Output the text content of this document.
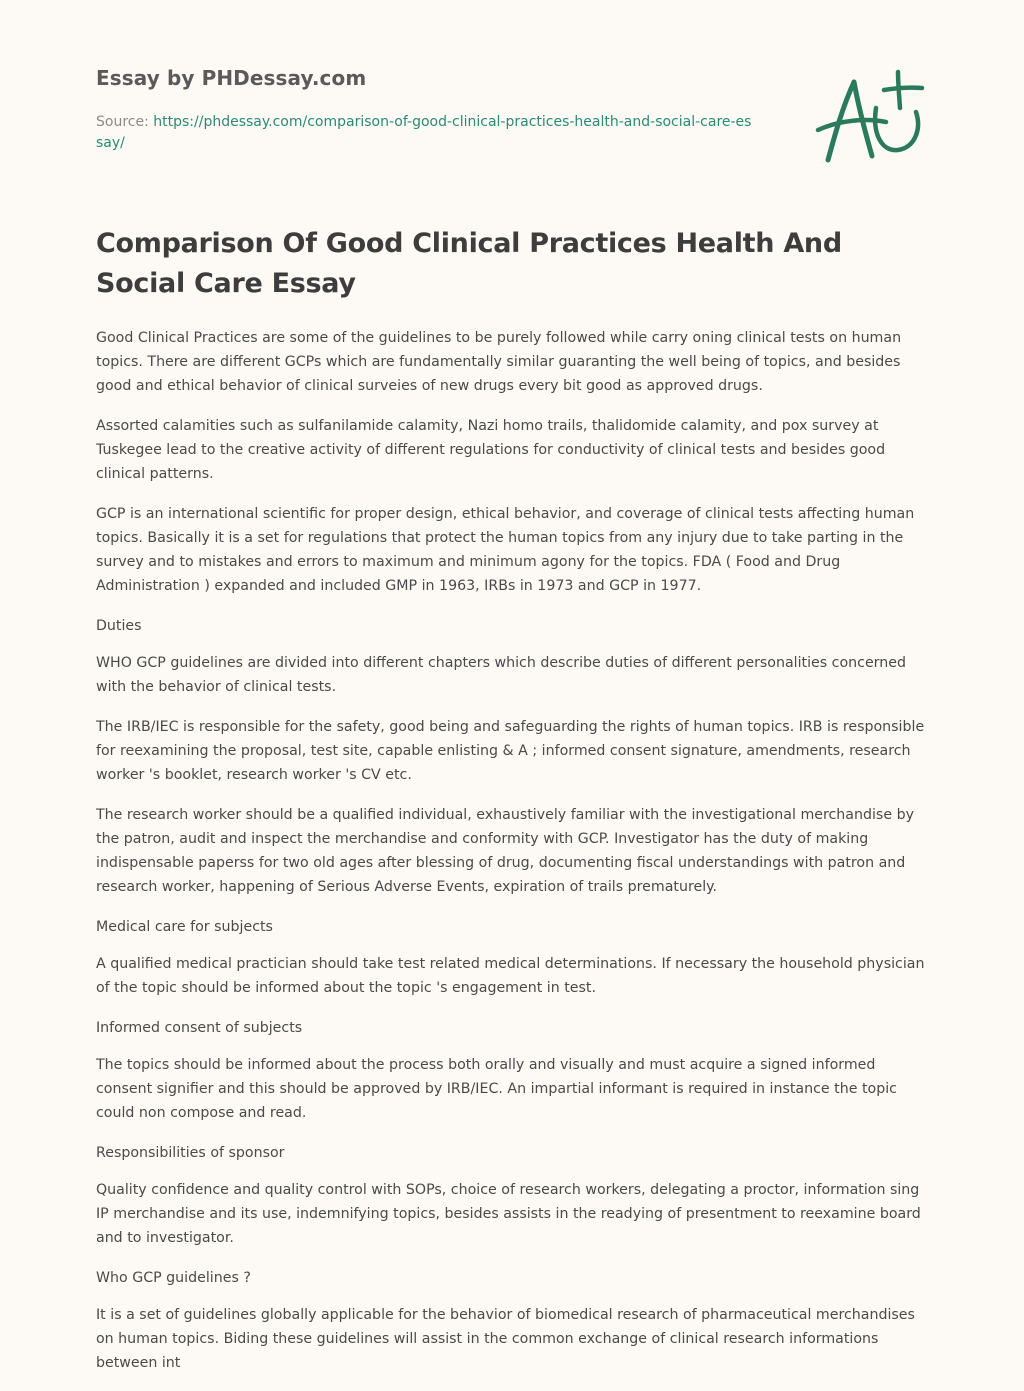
Essay by PHDessay.com
Source: https://phdessay.com/comparison-of-good-clinical-practices-health-and-social-care-essay/
Comparison Of Good Clinical Practices Health And Social Care Essay

Good Clinical Practices are some of the guidelines to be purely followed while carry oning clinical tests on human topics. There are different GCPs which are fundamentally similar guaranting the well being of topics, and besides good and ethical behavior of clinical surveies of new drugs every bit good as approved drugs.

Assorted calamities such as sulfanilamide calamity, Nazi homo trails, thalidomide calamity, and pox survey at Tuskegee lead to the creative activity of different regulations for conductivity of clinical tests and besides good clinical patterns.

GCP is an international scientific for proper design, ethical behavior, and coverage of clinical tests affecting human topics. Basically it is a set for regulations that protect the human topics from any injury due to take parting in the survey and to mistakes and errors to maximum and minimum agony for the topics. FDA ( Food and Drug Administration ) expanded and included GMP in 1963, IRBs in 1973 and GCP in 1977.

Duties

WHO GCP guidelines are divided into different chapters which describe duties of different personalities concerned with the behavior of clinical tests.

The IRB/IEC is responsible for the safety, good being and safeguarding the rights of human topics. IRB is responsible for reexamining the proposal, test site, capable enlisting & A ; informed consent signature, amendments, research worker 's booklet, research worker 's CV etc.

The research worker should be a qualified individual, exhaustively familiar with the investigational merchandise by the patron, audit and inspect the merchandise and conformity with GCP. Investigator has the duty of making indispensable paperss for two old ages after blessing of drug, documenting fiscal understandings with patron and research worker, happening of Serious Adverse Events, expiration of trails prematurely.

Medical care for subjects

A qualified medical practician should take test related medical determinations. If necessary the household physician of the topic should be informed about the topic 's engagement in test.

Informed consent of subjects

The topics should be informed about the process both orally and visually and must acquire a signed informed consent signifier and this should be approved by IRB/IEC. An impartial informant is required in instance the topic could non compose and read.

Responsibilities of sponsor

Quality confidence and quality control with SOPs, choice of research workers, delegating a proctor, information sing IP merchandise and its use, indemnifying topics, besides assists in the readying of presentment to reexamine board and to investigator.

Who GCP guidelines ?

It is a set of guidelines globally applicable for the behavior of biomedical research of pharmaceutical merchandises on human topics. Biding these guidelines will assist in the common exchange of clinical research informations between int
